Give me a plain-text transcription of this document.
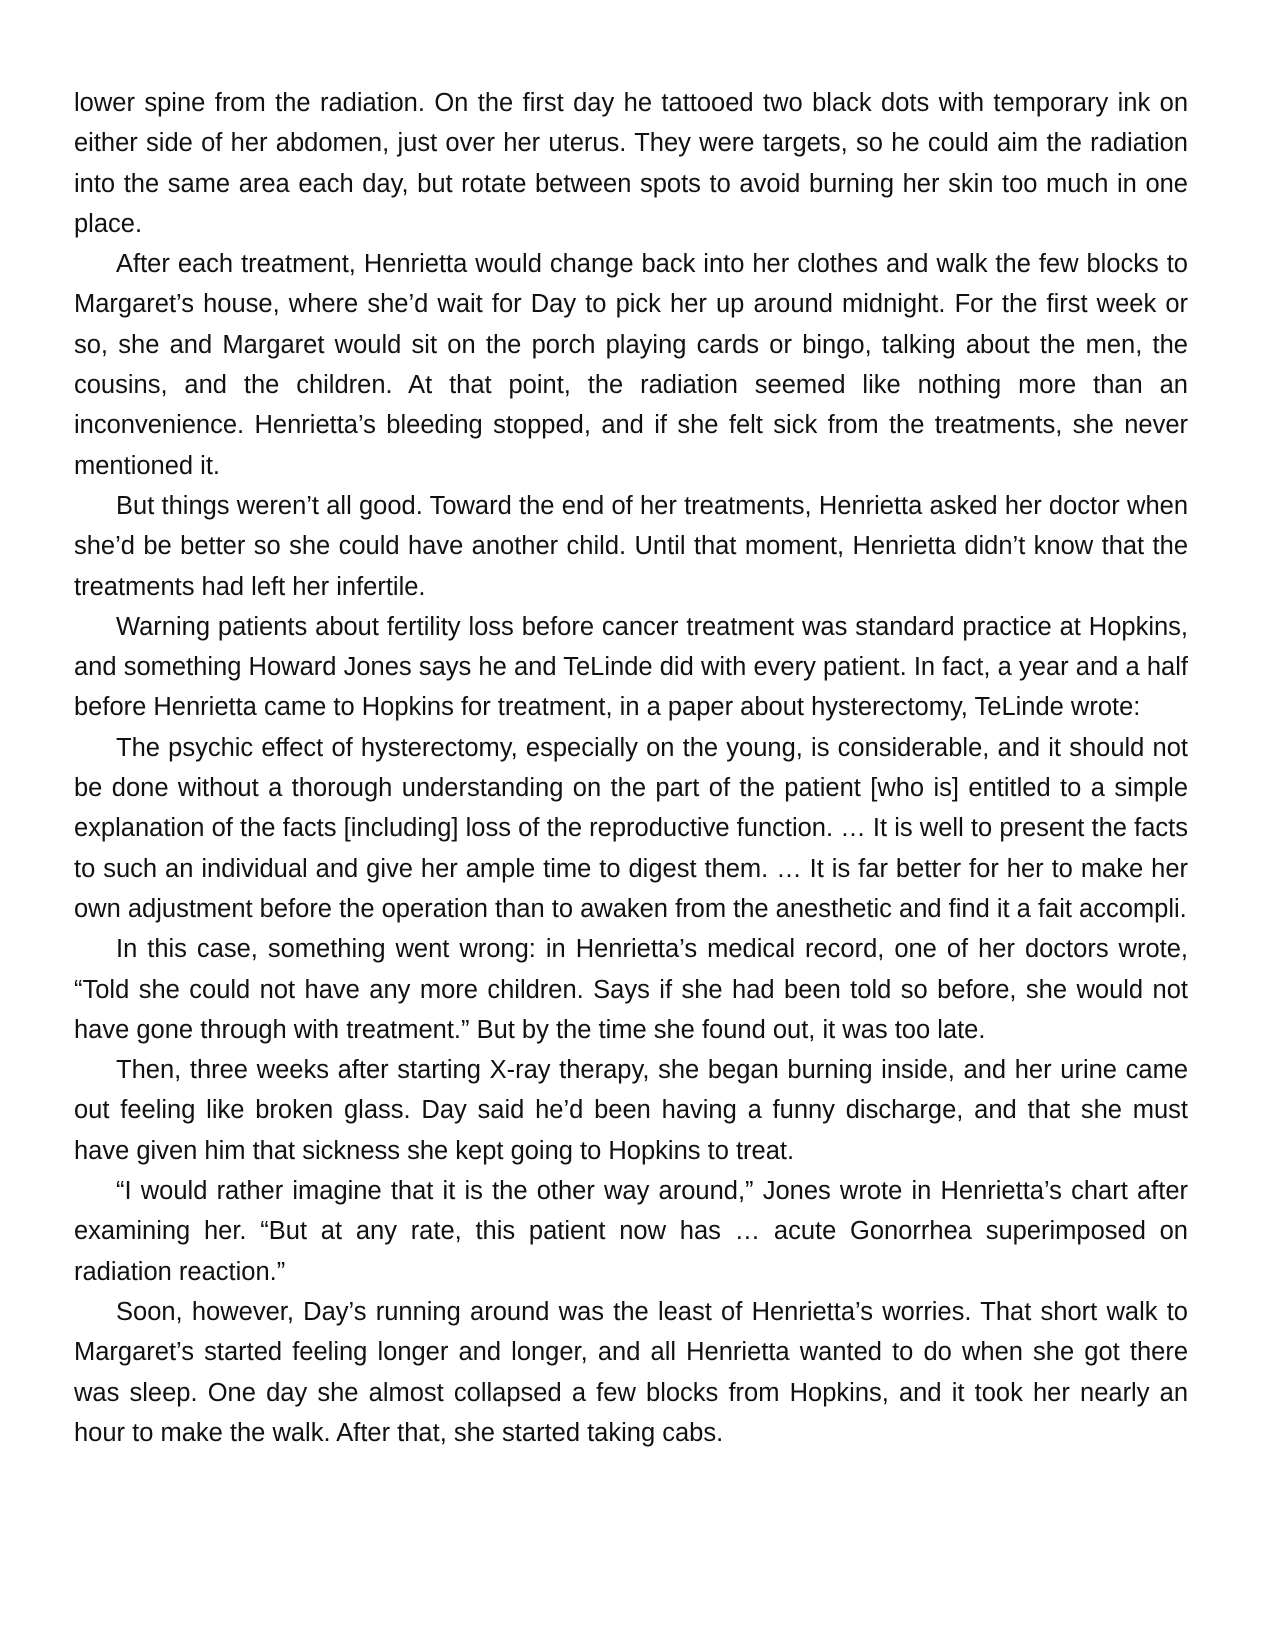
lower spine from the radiation. On the first day he tattooed two black dots with temporary ink on either side of her abdomen, just over her uterus. They were targets, so he could aim the radiation into the same area each day, but rotate between spots to avoid burning her skin too much in one place.

After each treatment, Henrietta would change back into her clothes and walk the few blocks to Margaret’s house, where she’d wait for Day to pick her up around midnight. For the first week or so, she and Margaret would sit on the porch playing cards or bingo, talking about the men, the cousins, and the children. At that point, the radiation seemed like nothing more than an inconvenience. Henrietta’s bleeding stopped, and if she felt sick from the treatments, she never mentioned it.

But things weren’t all good. Toward the end of her treatments, Henrietta asked her doctor when she’d be better so she could have another child. Until that moment, Henrietta didn’t know that the treatments had left her infertile.

Warning patients about fertility loss before cancer treatment was standard practice at Hopkins, and something Howard Jones says he and TeLinde did with every patient. In fact, a year and a half before Henrietta came to Hopkins for treatment, in a paper about hysterectomy, TeLinde wrote:

The psychic effect of hysterectomy, especially on the young, is considerable, and it should not be done without a thorough understanding on the part of the patient [who is] entitled to a simple explanation of the facts [including] loss of the reproductive function. … It is well to present the facts to such an individual and give her ample time to digest them. … It is far better for her to make her own adjustment before the operation than to awaken from the anesthetic and find it a fait accompli.

In this case, something went wrong: in Henrietta’s medical record, one of her doctors wrote, “Told she could not have any more children. Says if she had been told so before, she would not have gone through with treatment.” But by the time she found out, it was too late.

Then, three weeks after starting X-ray therapy, she began burning inside, and her urine came out feeling like broken glass. Day said he’d been having a funny discharge, and that she must have given him that sickness she kept going to Hopkins to treat.

“I would rather imagine that it is the other way around,” Jones wrote in Henrietta’s chart after examining her. “But at any rate, this patient now has … acute Gonorrhea superimposed on radiation reaction.”

Soon, however, Day’s running around was the least of Henrietta’s worries. That short walk to Margaret’s started feeling longer and longer, and all Henrietta wanted to do when she got there was sleep. One day she almost collapsed a few blocks from Hopkins, and it took her nearly an hour to make the walk. After that, she started taking cabs.
